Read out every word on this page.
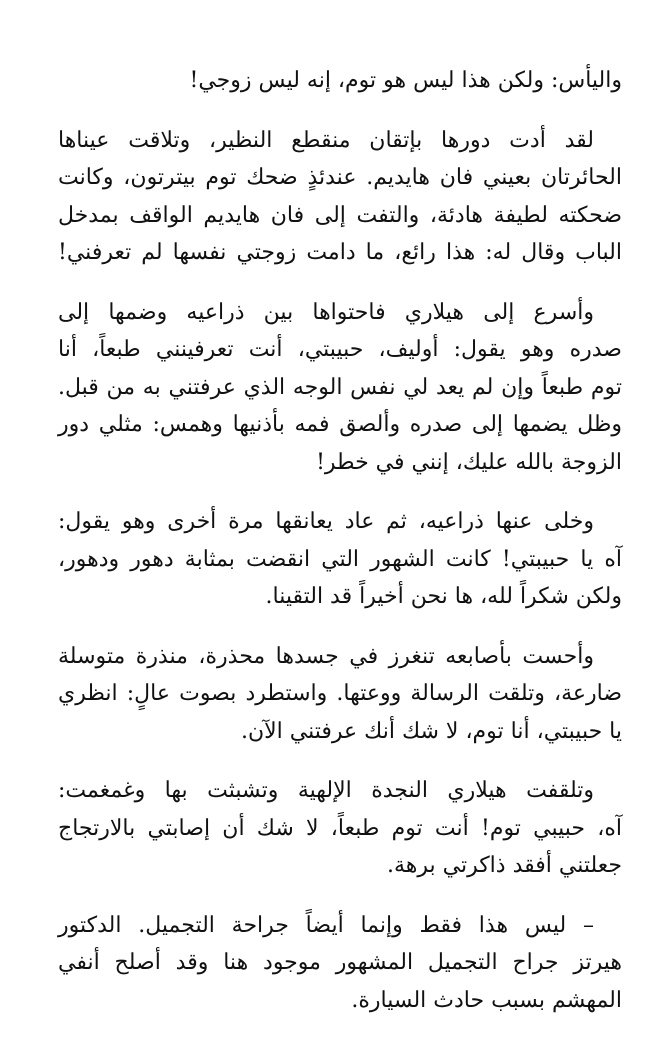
واليأس: ولكن هذا ليس هو توم، إنه ليس زوجي!

لقد أدت دورها بإتقان منقطع النظير، وتلاقت عيناها
الحائرتان بعيني فان هايديم. عندئذٍ ضحك توم بيترتون، وكانت
ضحكته لطيفة هادئة، والتفت إلى فان هايديم الواقف بمدخل
الباب وقال له: هذا رائع، ما دامت زوجتي نفسها لم تعرفني!

وأسرع إلى هيلاري فاحتواها بين ذراعيه وضمها إلى
صدره وهو يقول: أوليف، حبيبتي، أنت تعرفينني طبعاً، أنا
توم طبعاً وإن لم يعد لي نفس الوجه الذي عرفتني به من قبل.
وظل يضمها إلى صدره وألصق فمه بأذنيها وهمس: مثلي دور
الزوجة بالله عليك، إنني في خطر!

وخلى عنها ذراعيه، ثم عاد يعانقها مرة أخرى وهو يقول:
آه يا حبيبتي! كانت الشهور التي انقضت بمثابة دهور ودهور،
ولكن شكراً لله، ها نحن أخيراً قد التقينا.

وأحست بأصابعه تنغرز في جسدها محذرة، منذرة متوسلة
ضارعة، وتلقت الرسالة ووعتها. واستطرد بصوت عالٍ: انظري
يا حبيبتي، أنا توم، لا شك أنك عرفتني الآن.

وتلقفت هيلاري النجدة الإلهية وتشبثت بها وغمغمت:
آه، حبيبي توم! أنت توم طبعاً، لا شك أن إصابتي بالارتجاج
جعلتني أفقد ذاكرتي برهة.

– ليس هذا فقط وإنما أيضاً جراحة التجميل. الدكتور
هيرتز جراح التجميل المشهور موجود هنا وقد أصلح أنفي
المهشم بسبب حادث السيارة.
